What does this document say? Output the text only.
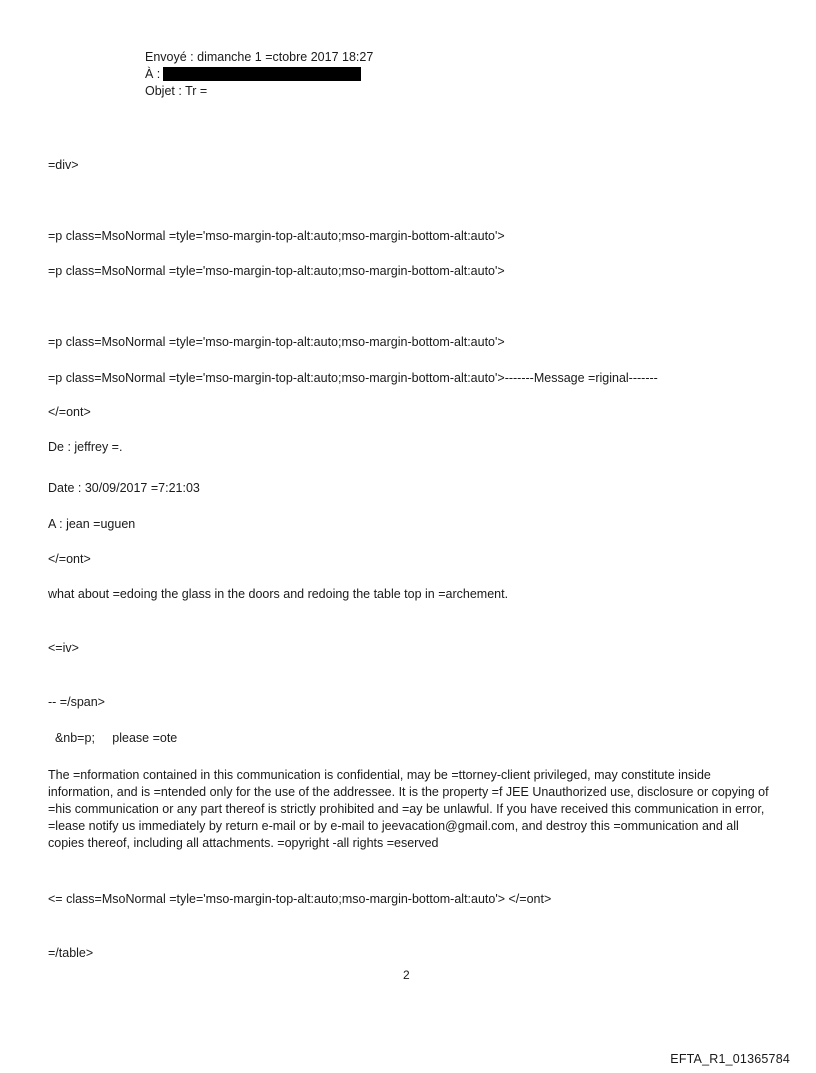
Envoyé : dimanche 1 =ctobre 2017 18:27
À :
Objet : Tr =
=div>
=p class=MsoNormal =tyle='mso-margin-top-alt:auto;mso-margin-bottom-alt:auto'>
=p class=MsoNormal =tyle='mso-margin-top-alt:auto;mso-margin-bottom-alt:auto'>
=p class=MsoNormal =tyle='mso-margin-top-alt:auto;mso-margin-bottom-alt:auto'>
=p class=MsoNormal =tyle='mso-margin-top-alt:auto;mso-margin-bottom-alt:auto'>-------Message =riginal-------
</=ont>
De : jeffrey =.
Date : 30/09/2017 =7:21:03
A : jean =uguen
</=ont>
what about =edoing the glass in the doors and redoing the table top in =archement.
<=iv>
-- =/span>
&nb=p;     please =ote
The =nformation contained in this communication is confidential, may be =ttorney-client privileged, may constitute inside information, and is =ntended only for the use of the addressee. It is the property =f JEE Unauthorized use, disclosure or copying of =his communication or any part thereof is strictly prohibited and =ay be unlawful. If you have received this communication in error, =lease notify us immediately by return e-mail or by e-mail to jeevacation@gmail.com, and destroy this =ommunication and all copies thereof, including all attachments. =opyright -all rights =eserved
<= class=MsoNormal =tyle='mso-margin-top-alt:auto;mso-margin-bottom-alt:auto'> </=ont>
=/table>
2
EFTA_R1_01365784
